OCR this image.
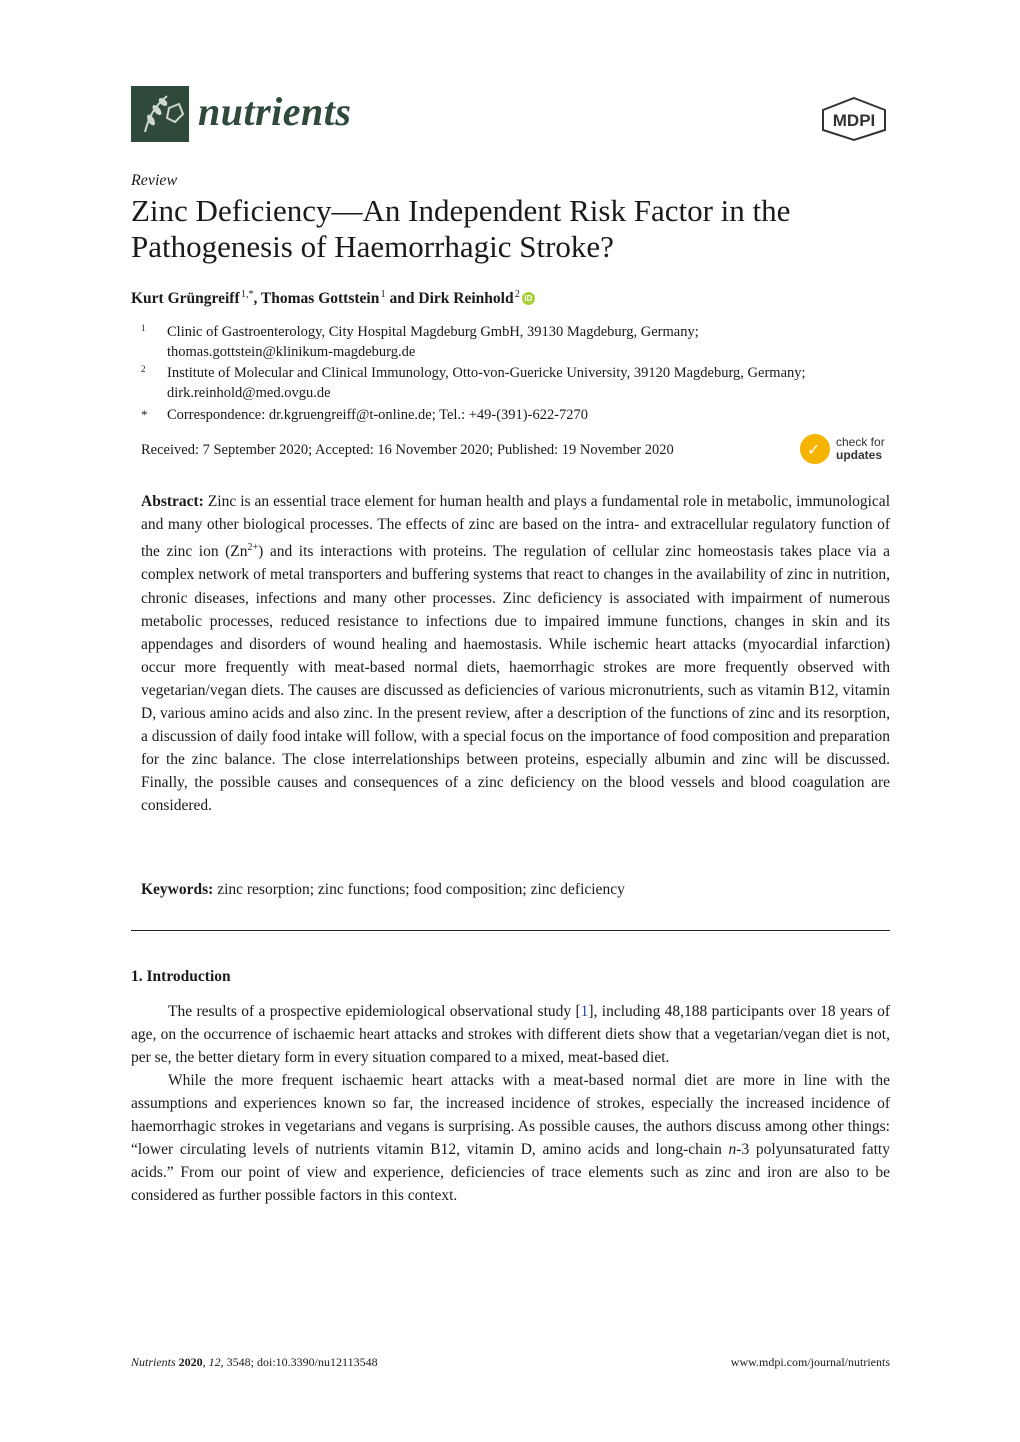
nutrients	MDPI
Review
Zinc Deficiency—An Independent Risk Factor in the Pathogenesis of Haemorrhagic Stroke?
Kurt Grüngreiff $^{1,*}$, Thomas Gottstein $^1$ and Dirk Reinhold $^2$ iD
1 Clinic of Gastroenterology, City Hospital Magdeburg GmbH, 39130 Magdeburg, Germany;
thomas.gottstein@klinikum-magdeburg.de
2 Institute of Molecular and Clinical Immunology, Otto-von-Guericke University, 39120 Magdeburg, Germany;
dirk.reinhold@med.ovgu.de
* Correspondence: dr.kgruengreiff@t-online.de; Tel.: +49-(391)-622-7270
Received: 7 September 2020; Accepted: 16 November 2020; Published: 19 November 2020	✓ check for
updates
Abstract: Zinc is an essential trace element for human health and plays a fundamental role in metabolic, immunological and many other biological processes. The effects of zinc are based on the intra- and extracellular regulatory function of the zinc ion $(Zn^{2+})$ and its interactions with proteins. The regulation of cellular zinc homeostasis takes place via a complex network of metal transporters and buffering systems that react to changes in the availability of zinc in nutrition, chronic diseases, infections and many other processes. Zinc deficiency is associated with impairment of numerous metabolic processes, reduced resistance to infections due to impaired immune functions, changes in skin and its appendages and disorders of wound healing and haemostasis. While ischemic heart attacks (myocardial infarction) occur more frequently with meat-based normal diets, haemorrhagic strokes are more frequently observed with vegetarian/vegan diets. The causes are discussed as deficiencies of various micronutrients, such as vitamin B12, vitamin D, various amino acids and also zinc. In the present review, after a description of the functions of zinc and its resorption, a discussion of daily food intake will follow, with a special focus on the importance of food composition and preparation for the zinc balance. The close interrelationships between proteins, especially albumin and zinc will be discussed. Finally, the possible causes and consequences of a zinc deficiency on the blood vessels and blood coagulation are considered.
Keywords: zinc resorption; zinc functions; food composition; zinc deficiency
1. Introduction

The results of a prospective epidemiological observational study [1], including 48,188 participants over 18 years of age, on the occurrence of ischaemic heart attacks and strokes with different diets show that a vegetarian/vegan diet is not, per se, the better dietary form in every situation compared to a mixed, meat-based diet.

While the more frequent ischaemic heart attacks with a meat-based normal diet are more in line with the assumptions and experiences known so far, the increased incidence of strokes, especially the increased incidence of haemorrhagic strokes in vegetarians and vegans is surprising. As possible causes, the authors discuss among other things: “lower circulating levels of nutrients vitamin B12, vitamin D, amino acids and long-chain n-3 polyunsaturated fatty acids.” From our point of view and experience, deficiencies of trace elements such as zinc and iron are also to be considered as further possible factors in this context.

Nutrients 2020, 12, 3548; doi:10.3390/nu12113548	www.mdpi.com/journal/nutrients
